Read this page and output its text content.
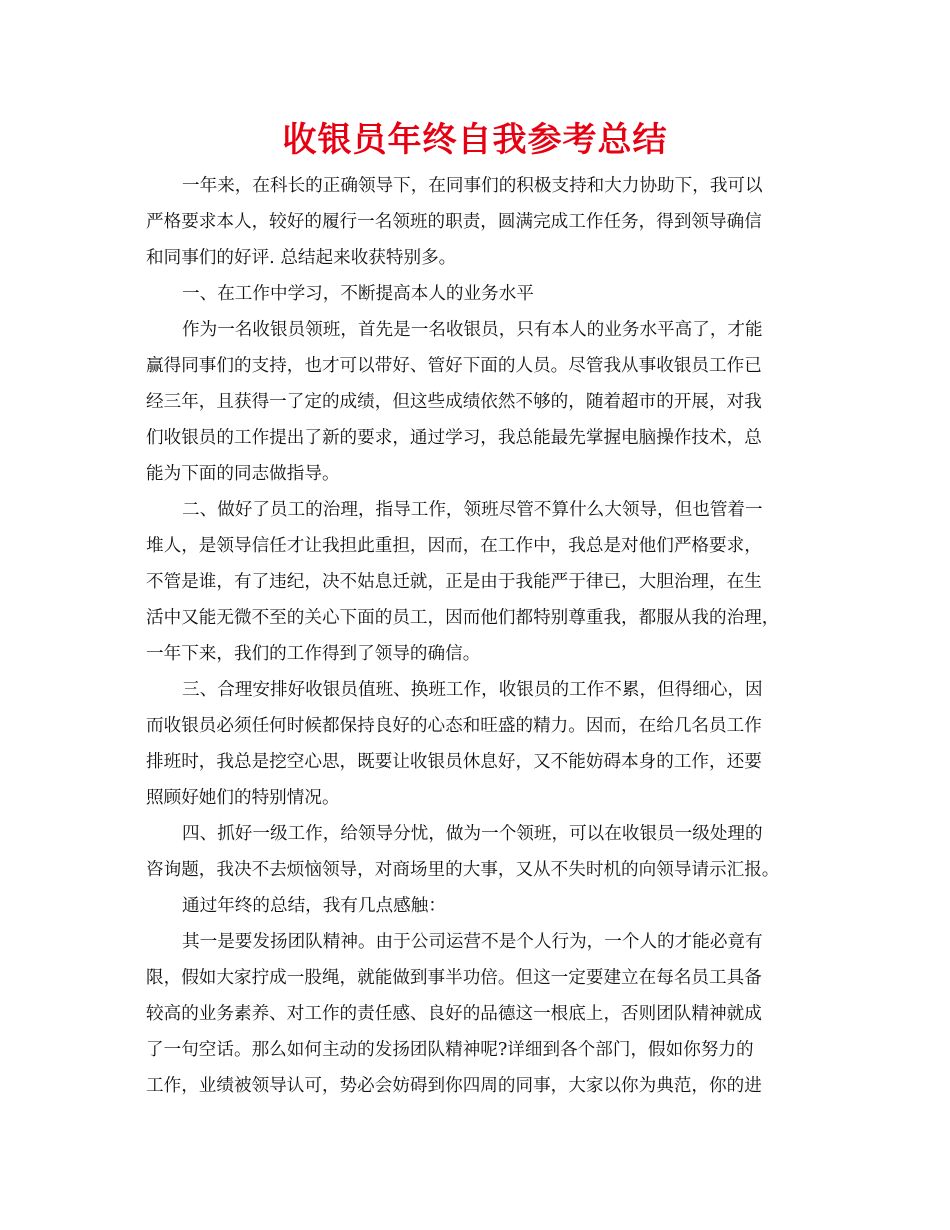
收银员年终自我参考总结
一年来，在科长的正确领导下，在同事们的积极支持和大力协助下，我可以
严格要求本人，较好的履行一名领班的职责，圆满完成工作任务，得到领导确信
和同事们的好评. 总结起来收获特别多。
一、在工作中学习，不断提高本人的业务水平
作为一名收银员领班，首先是一名收银员，只有本人的业务水平高了，才能
赢得同事们的支持，也才可以带好、管好下面的人员。尽管我从事收银员工作已
经三年，且获得一了定的成绩，但这些成绩依然不够的，随着超市的开展，对我
们收银员的工作提出了新的要求，通过学习，我总能最先掌握电脑操作技术，总
能为下面的同志做指导。
二、做好了员工的治理，指导工作，领班尽管不算什么大领导，但也管着一
堆人，是领导信任才让我担此重担，因而，在工作中，我总是对他们严格要求，
不管是谁，有了违纪，决不姑息迁就，正是由于我能严于律已，大胆治理，在生
活中又能无微不至的关心下面的员工，因而他们都特别尊重我，都服从我的治理，
一年下来，我们的工作得到了领导的确信。
三、合理安排好收银员值班、换班工作，收银员的工作不累，但得细心，因
而收银员必须任何时候都保持良好的心态和旺盛的精力。因而，在给几名员工作
排班时，我总是挖空心思，既要让收银员休息好，又不能妨碍本身的工作，还要
照顾好她们的特别情况。
四、抓好一级工作，给领导分忧，做为一个领班，可以在收银员一级处理的
咨询题，我决不去烦恼领导，对商场里的大事，又从不失时机的向领导请示汇报。
通过年终的总结，我有几点感触：
其一是要发扬团队精神。由于公司运营不是个人行为，一个人的才能必竟有
限，假如大家拧成一股绳，就能做到事半功倍。但这一定要建立在每名员工具备
较高的业务素养、对工作的责任感、良好的品德这一根底上，否则团队精神就成
了一句空话。那么如何主动的发扬团队精神呢?详细到各个部门，假如你努力的
工作，业绩被领导认可，势必会妨碍到你四周的同事，大家以你为典范，你的进
